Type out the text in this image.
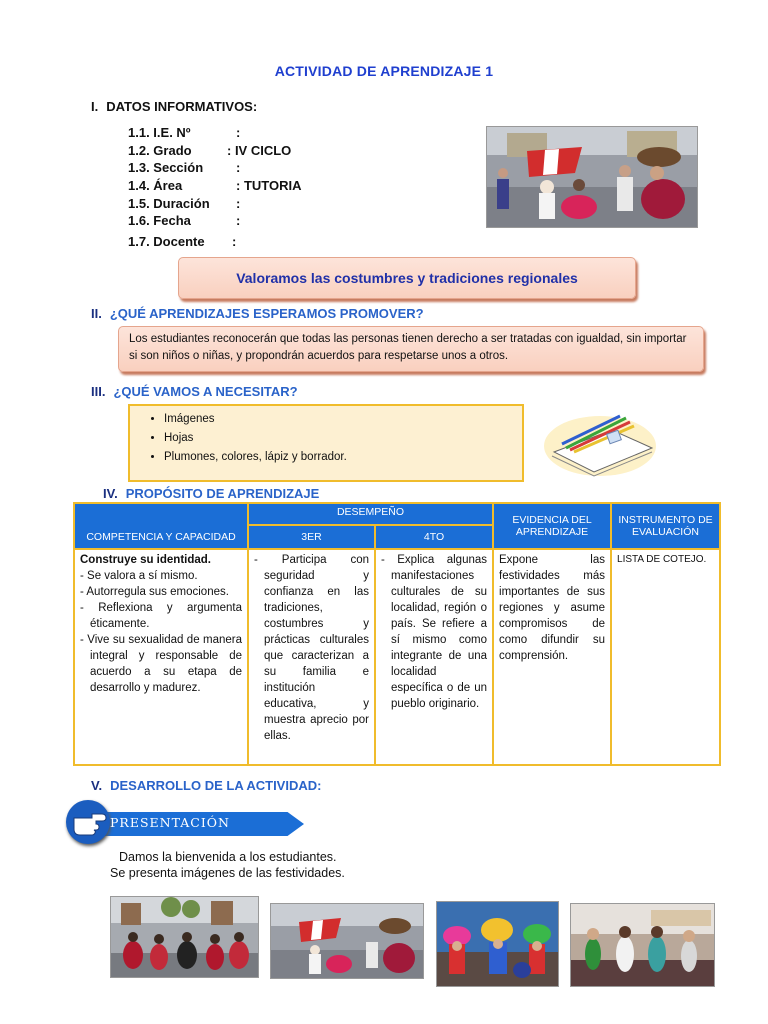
ACTIVIDAD DE APRENDIZAJE 1
I. DATOS INFORMATIVOS:
1.1. I.E. Nº	:
1.2. Grado	: IV CICLO
1.3. Sección	:
1.4. Área	: TUTORIA
1.5. Duración :
1.6. Fecha	:
1.7. Docente :
Valoramos las costumbres y tradiciones regionales
II. ¿QUÉ APRENDIZAJES ESPERAMOS PROMOVER?
Los estudiantes reconocerán que todas las personas tienen derecho a ser tratadas con igualdad, sin importar si son niños o niñas, y propondrán acuerdos para respetarse unos a otros.
III. ¿QUÉ VAMOS A NECESITAR?
• Imágenes
• Hojas
• Plumones, colores, lápiz y borrador.
IV. PROPÓSITO DE APRENDIZAJE
COMPETENCIA Y CAPACIDAD	DESEMPEÑO		EVIDENCIA DEL APRENDIZAJE	INSTRUMENTO DE EVALUACIÓN
	3ER	4TO		

Construye su identidad.
- Se valora a sí mismo.
- Autorregula sus emociones.
- Reflexiona y argumenta éticamente.
- Vive su sexualidad de manera integral y responsable de acuerdo a su etapa de desarrollo y madurez.	- Participa con seguridad y confianza en las tradiciones, costumbres y prácticas culturales que caracterizan a su familia e institución educativa, y muestra aprecio por ellas.	- Explica algunas manifestaciones culturales de su localidad, región o país. Se refiere a sí mismo como integrante de una localidad específica o de un pueblo originario.	Expone las festividades más importantes de sus regiones y asume compromisos de como difundir su comprensión.	LISTA DE COTEJO.
V. DESARROLLO DE LA ACTIVIDAD:
PRESENTACIÓN
Damos la bienvenida a los estudiantes.
Se presenta imágenes de las festividades.
